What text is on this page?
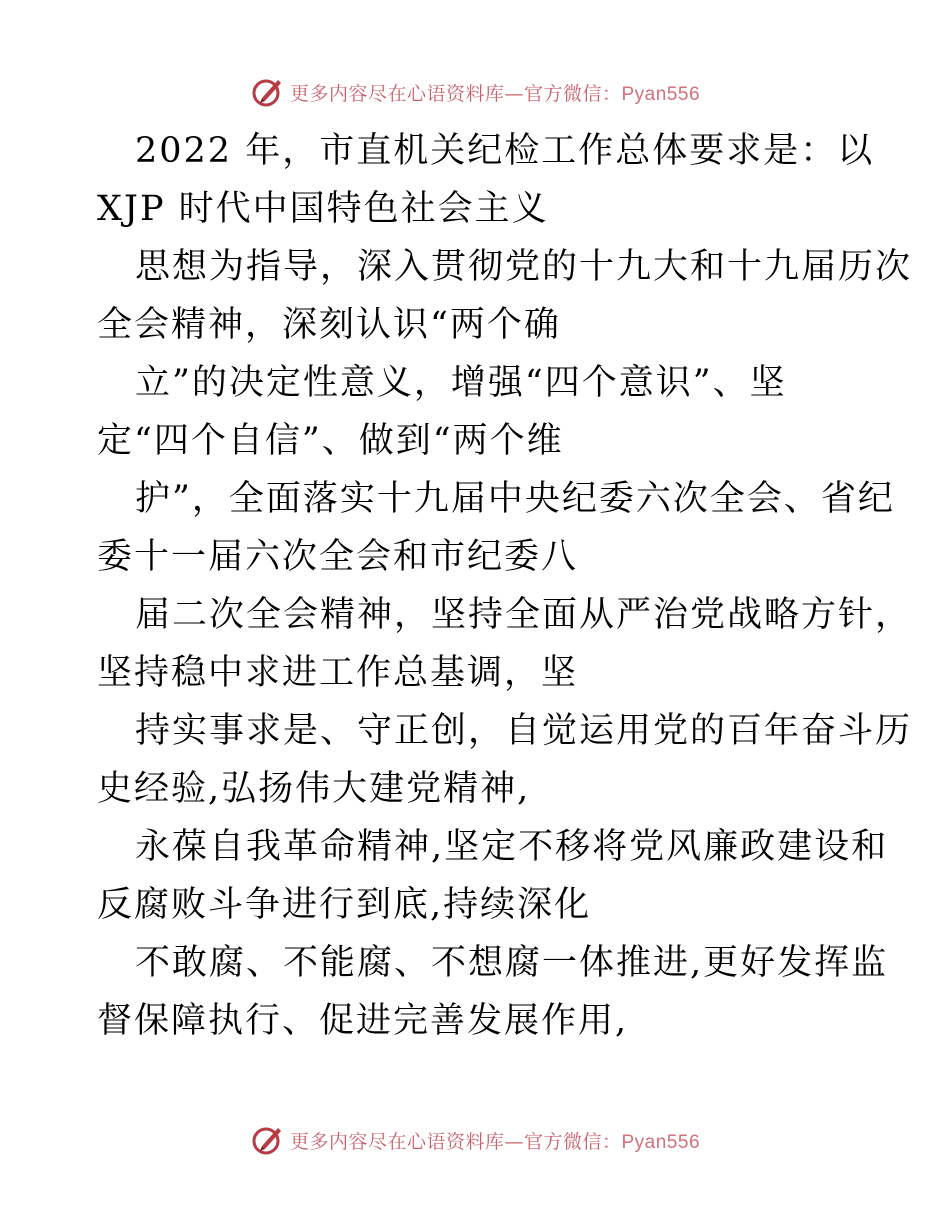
更多内容尽在心语资料库—官方微信：Pyan556
2022 年，市直机关纪检工作总体要求是：以
XJP 时代中国特色社会主义
思想为指导，深入贯彻党的十九大和十九届历次
全会精神，深刻认识“两个确
立”的决定性意义，增强“四个意识”、坚
定“四个自信”、做到“两个维
护”，全面落实十九届中央纪委六次全会、省纪
委十一届六次全会和市纪委八
届二次全会精神，坚持全面从严治党战略方针，
坚持稳中求进工作总基调，坚
持实事求是、守正创，自觉运用党的百年奋斗历
史经验,弘扬伟大建党精神,
永葆自我革命精神,坚定不移将党风廉政建设和
反腐败斗争进行到底,持续深化
不敢腐、不能腐、不想腐一体推进,更好发挥监
督保障执行、促进完善发展作用,
更多内容尽在心语资料库—官方微信：Pyan556
